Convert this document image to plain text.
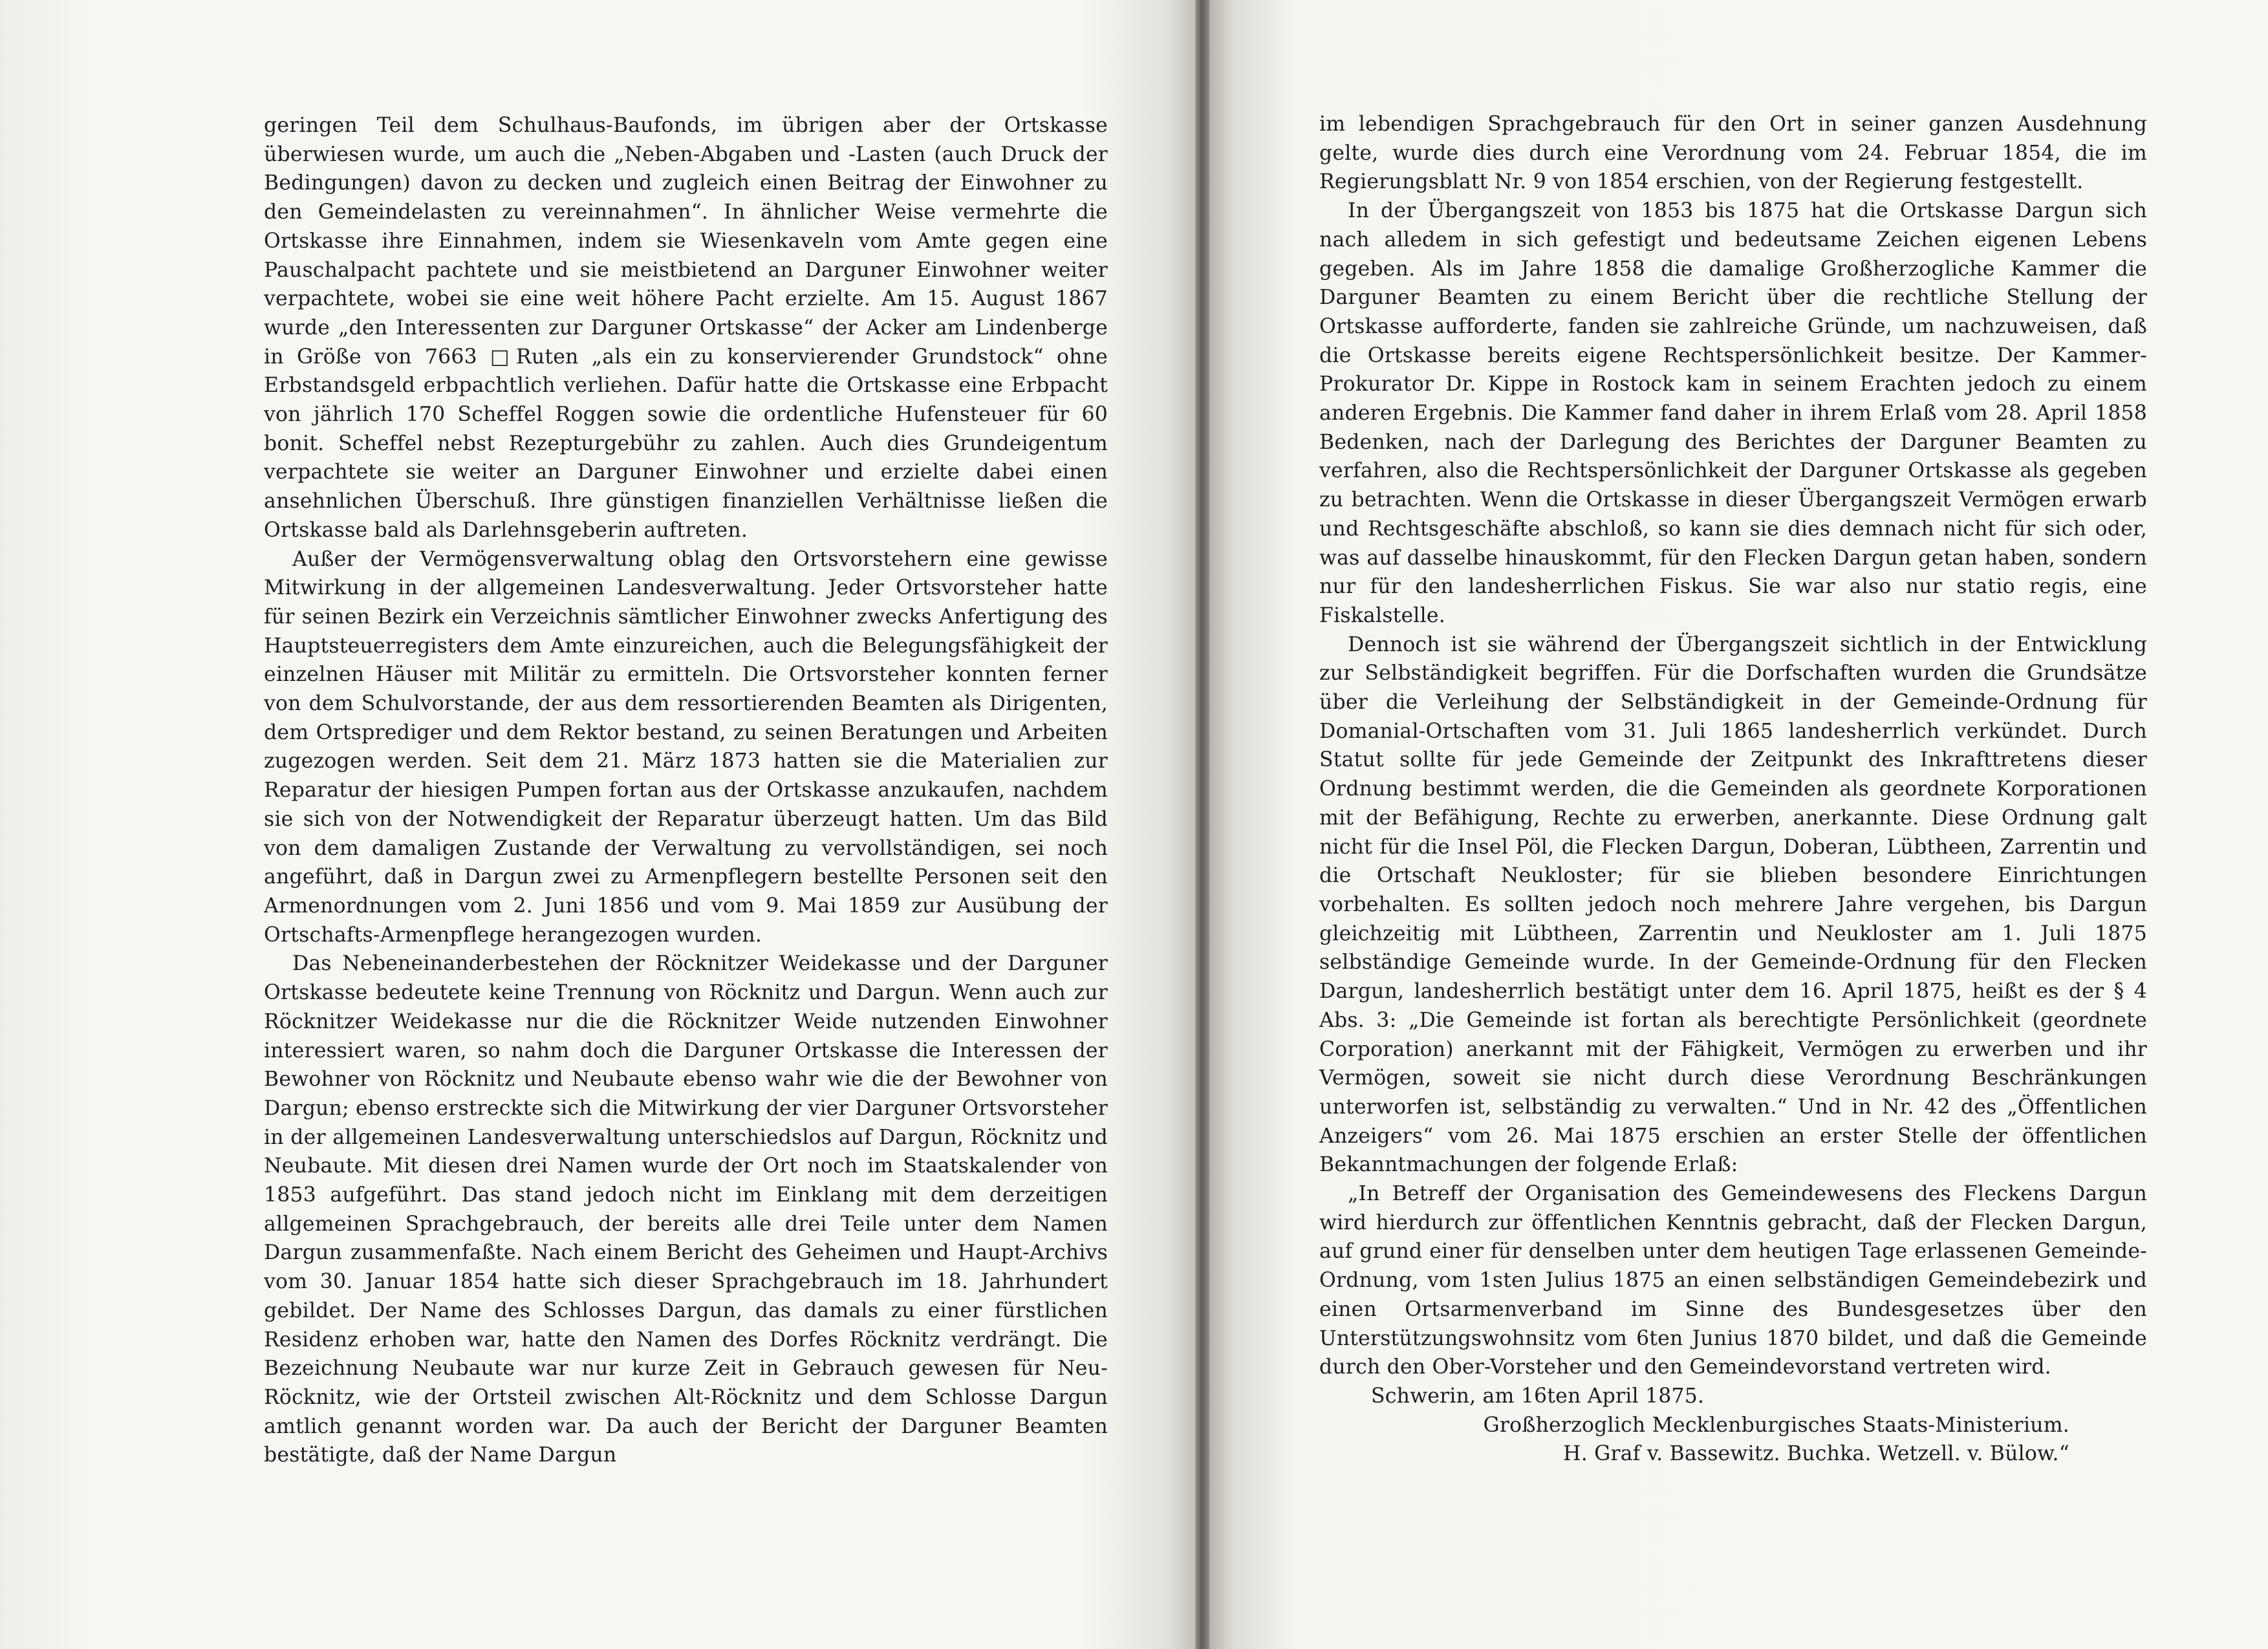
geringen Teil dem Schulhaus-Baufonds, im übrigen aber der Ortskasse überwiesen wurde, um auch die „Neben-Abgaben und -Lasten (auch Druck der Bedingungen) davon zu decken und zugleich einen Beitrag der Einwohner zu den Gemeindelasten zu vereinnahmen“. In ähnlicher Weise vermehrte die Ortskasse ihre Einnahmen, indem sie Wiesenkaveln vom Amte gegen eine Pauschalpacht pachtete und sie meistbietend an Darguner Einwohner weiter verpachtete, wobei sie eine weit höhere Pacht erzielte. Am 15. August 1867 wurde „den Interessenten zur Darguner Ortskasse“ der Acker am Lindenberge in Größe von 7663 □Ruten „als ein zu konservierender Grundstock“ ohne Erbstandsgeld erbpachtlich verliehen. Dafür hatte die Ortskasse eine Erbpacht von jährlich 170 Scheffel Roggen sowie die ordentliche Hufensteuer für 60 bonit. Scheffel nebst Rezepturgebühr zu zahlen. Auch dies Grundeigentum verpachtete sie weiter an Darguner Einwohner und erzielte dabei einen ansehnlichen Überschuß. Ihre günstigen finanziellen Verhältnisse ließen die Ortskasse bald als Darlehnsgeberin auftreten.

Außer der Vermögensverwaltung oblag den Ortsvorstehern eine gewisse Mitwirkung in der allgemeinen Landesverwaltung. Jeder Ortsvorsteher hatte für seinen Bezirk ein Verzeichnis sämtlicher Einwohner zwecks Anfertigung des Hauptsteuerregisters dem Amte einzureichen, auch die Belegungsfähigkeit der einzelnen Häuser mit Militär zu ermitteln. Die Ortsvorsteher konnten ferner von dem Schulvorstande, der aus dem ressortierenden Beamten als Dirigenten, dem Ortsprediger und dem Rektor bestand, zu seinen Beratungen und Arbeiten zugezogen werden. Seit dem 21. März 1873 hatten sie die Materialien zur Reparatur der hiesigen Pumpen fortan aus der Ortskasse anzukaufen, nachdem sie sich von der Notwendigkeit der Reparatur überzeugt hatten. Um das Bild von dem damaligen Zustande der Verwaltung zu vervollständigen, sei noch angeführt, daß in Dargun zwei zu Armenpflegern bestellte Personen seit den Armenordnungen vom 2. Juni 1856 und vom 9. Mai 1859 zur Ausübung der Ortschafts-Armenpflege herangezogen wurden.

Das Nebeneinanderbestehen der Röcknitzer Weidekasse und der Darguner Ortskasse bedeutete keine Trennung von Röcknitz und Dargun. Wenn auch zur Röcknitzer Weidekasse nur die die Röcknitzer Weide nutzenden Einwohner interessiert waren, so nahm doch die Darguner Ortskasse die Interessen der Bewohner von Röcknitz und Neubaute ebenso wahr wie die der Bewohner von Dargun; ebenso erstreckte sich die Mitwirkung der vier Darguner Ortsvorsteher in der allgemeinen Landesverwaltung unterschiedslos auf Dargun, Röcknitz und Neubaute. Mit diesen drei Namen wurde der Ort noch im Staatskalender von 1853 aufgeführt. Das stand jedoch nicht im Einklang mit dem derzeitigen allgemeinen Sprachgebrauch, der bereits alle drei Teile unter dem Namen Dargun zusammenfaßte. Nach einem Bericht des Geheimen und Haupt-Archivs vom 30. Januar 1854 hatte sich dieser Sprachgebrauch im 18. Jahrhundert gebildet. Der Name des Schlosses Dargun, das damals zu einer fürstlichen Residenz erhoben war, hatte den Namen des Dorfes Röcknitz verdrängt. Die Bezeichnung Neubaute war nur kurze Zeit in Gebrauch gewesen für Neu-Röcknitz, wie der Ortsteil zwischen Alt-Röcknitz und dem Schlosse Dargun amtlich genannt worden war. Da auch der Bericht der Darguner Beamten bestätigte, daß der Name Dargun

im lebendigen Sprachgebrauch für den Ort in seiner ganzen Ausdehnung gelte, wurde dies durch eine Verordnung vom 24. Februar 1854, die im Regierungsblatt Nr. 9 von 1854 erschien, von der Regierung festgestellt.

In der Übergangszeit von 1853 bis 1875 hat die Ortskasse Dargun sich nach alledem in sich gefestigt und bedeutsame Zeichen eigenen Lebens gegeben. Als im Jahre 1858 die damalige Großherzogliche Kammer die Darguner Beamten zu einem Bericht über die rechtliche Stellung der Ortskasse aufforderte, fanden sie zahlreiche Gründe, um nachzuweisen, daß die Ortskasse bereits eigene Rechtspersönlichkeit besitze. Der Kammer-Prokurator Dr. Kippe in Rostock kam in seinem Erachten jedoch zu einem anderen Ergebnis. Die Kammer fand daher in ihrem Erlaß vom 28. April 1858 Bedenken, nach der Darlegung des Berichtes der Darguner Beamten zu verfahren, also die Rechtspersönlichkeit der Darguner Ortskasse als gegeben zu betrachten. Wenn die Ortskasse in dieser Übergangszeit Vermögen erwarb und Rechtsgeschäfte abschloß, so kann sie dies demnach nicht für sich oder, was auf dasselbe hinauskommt, für den Flecken Dargun getan haben, sondern nur für den landesherrlichen Fiskus. Sie war also nur statio regis, eine Fiskalstelle.

Dennoch ist sie während der Übergangszeit sichtlich in der Entwicklung zur Selbständigkeit begriffen. Für die Dorfschaften wurden die Grundsätze über die Verleihung der Selbständigkeit in der Gemeinde-Ordnung für Domanial-Ortschaften vom 31. Juli 1865 landesherrlich verkündet. Durch Statut sollte für jede Gemeinde der Zeitpunkt des Inkrafttretens dieser Ordnung bestimmt werden, die die Gemeinden als geordnete Korporationen mit der Befähigung, Rechte zu erwerben, anerkannte. Diese Ordnung galt nicht für die Insel Pöl, die Flecken Dargun, Doberan, Lübtheen, Zarrentin und die Ortschaft Neukloster; für sie blieben besondere Einrichtungen vorbehalten. Es sollten jedoch noch mehrere Jahre vergehen, bis Dargun gleichzeitig mit Lübtheen, Zarrentin und Neukloster am 1. Juli 1875 selbständige Gemeinde wurde. In der Gemeinde-Ordnung für den Flecken Dargun, landesherrlich bestätigt unter dem 16. April 1875, heißt es der § 4 Abs. 3: „Die Gemeinde ist fortan als berechtigte Persönlichkeit (geordnete Corporation) anerkannt mit der Fähigkeit, Vermögen zu erwerben und ihr Vermögen, soweit sie nicht durch diese Verordnung Beschränkungen unterworfen ist, selbständig zu verwalten.“ Und in Nr. 42 des „Öffentlichen Anzeigers“ vom 26. Mai 1875 erschien an erster Stelle der öffentlichen Bekanntmachungen der folgende Erlaß:

„In Betreff der Organisation des Gemeindewesens des Fleckens Dargun wird hierdurch zur öffentlichen Kenntnis gebracht, daß der Flecken Dargun, auf grund einer für denselben unter dem heutigen Tage erlassenen Gemeinde-Ordnung, vom 1sten Julius 1875 an einen selbständigen Gemeindebezirk und einen Ortsarmenverband im Sinne des Bundesgesetzes über den Unterstützungswohnsitz vom 6ten Junius 1870 bildet, und daß die Gemeinde durch den Ober-Vorsteher und den Gemeindevorstand vertreten wird.

Schwerin, am 16ten April 1875.

Großherzoglich Mecklenburgisches Staats-Ministerium.

H. Graf v. Bassewitz. Buchka. Wetzell. v. Bülow.“
